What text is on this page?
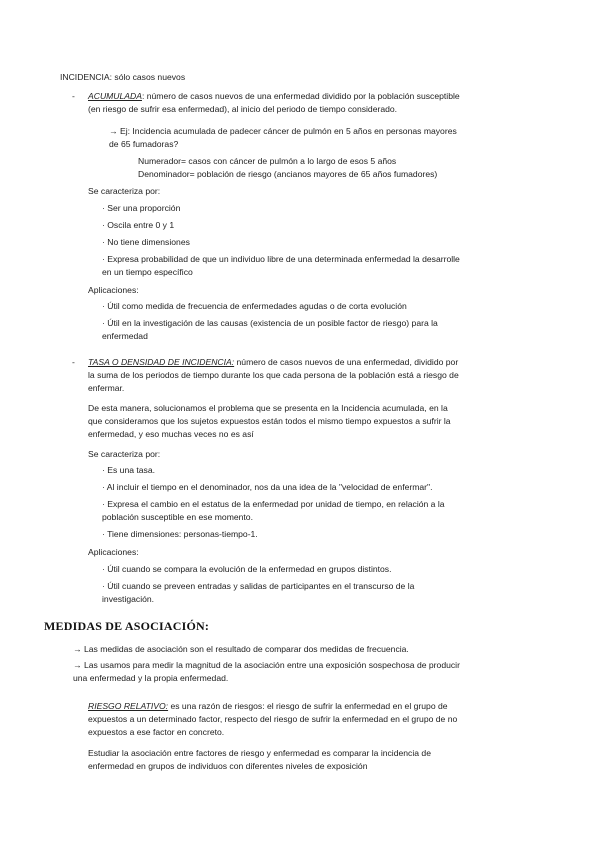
INCIDENCIA: sólo casos nuevos

- ACUMULADA: número de casos nuevos de una enfermedad dividido por la población susceptible
(en riesgo de sufrir esa enfermedad), al inicio del periodo de tiempo considerado.

→ Ej: Incidencia acumulada de padecer cáncer de pulmón en 5 años en personas mayores
de 65 fumadoras?

Numerador= casos con cáncer de pulmón a lo largo de esos 5 años
Denominador= población de riesgo (ancianos mayores de 65 años fumadores)

Se caracteriza por:

· Ser una proporción
· Oscila entre 0 y 1
· No tiene dimensiones
· Expresa probabilidad de que un individuo libre de una determinada enfermedad la desarrolle
en un tiempo específico

Aplicaciones:

· Útil como medida de frecuencia de enfermedades agudas o de corta evolución
· Útil en la investigación de las causas (existencia de un posible factor de riesgo) para la
enfermedad

- TASA O DENSIDAD DE INCIDENCIA: número de casos nuevos de una enfermedad, dividido por
la suma de los periodos de tiempo durante los que cada persona de la población está a riesgo de
enfermar.

De esta manera, solucionamos el problema que se presenta en la Incidencia acumulada, en la
que consideramos que los sujetos expuestos están todos el mismo tiempo expuestos a sufrir la
enfermedad, y eso muchas veces no es así

Se caracteriza por:

· Es una tasa.
· Al incluir el tiempo en el denominador, nos da una idea de la "velocidad de enfermar".
· Expresa el cambio en el estatus de la enfermedad por unidad de tiempo, en relación a la
población susceptible en ese momento.
· Tiene dimensiones: personas-tiempo-1.

Aplicaciones:

· Útil cuando se compara la evolución de la enfermedad en grupos distintos.
· Útil cuando se preveen entradas y salidas de participantes en el transcurso de la
investigación.

MEDIDAS DE ASOCIACIÓN:

→ Las medidas de asociación son el resultado de comparar dos medidas de frecuencia.
→ Las usamos para medir la magnitud de la asociación entre una exposición sospechosa de producir
una enfermedad y la propia enfermedad.

RIESGO RELATIVO: es una razón de riesgos: el riesgo de sufrir la enfermedad en el grupo de
expuestos a un determinado factor, respecto del riesgo de sufrir la enfermedad en el grupo de no
expuestos a ese factor en concreto.

Estudiar la asociación entre factores de riesgo y enfermedad es comparar la incidencia de
enfermedad en grupos de individuos con diferentes niveles de exposición
